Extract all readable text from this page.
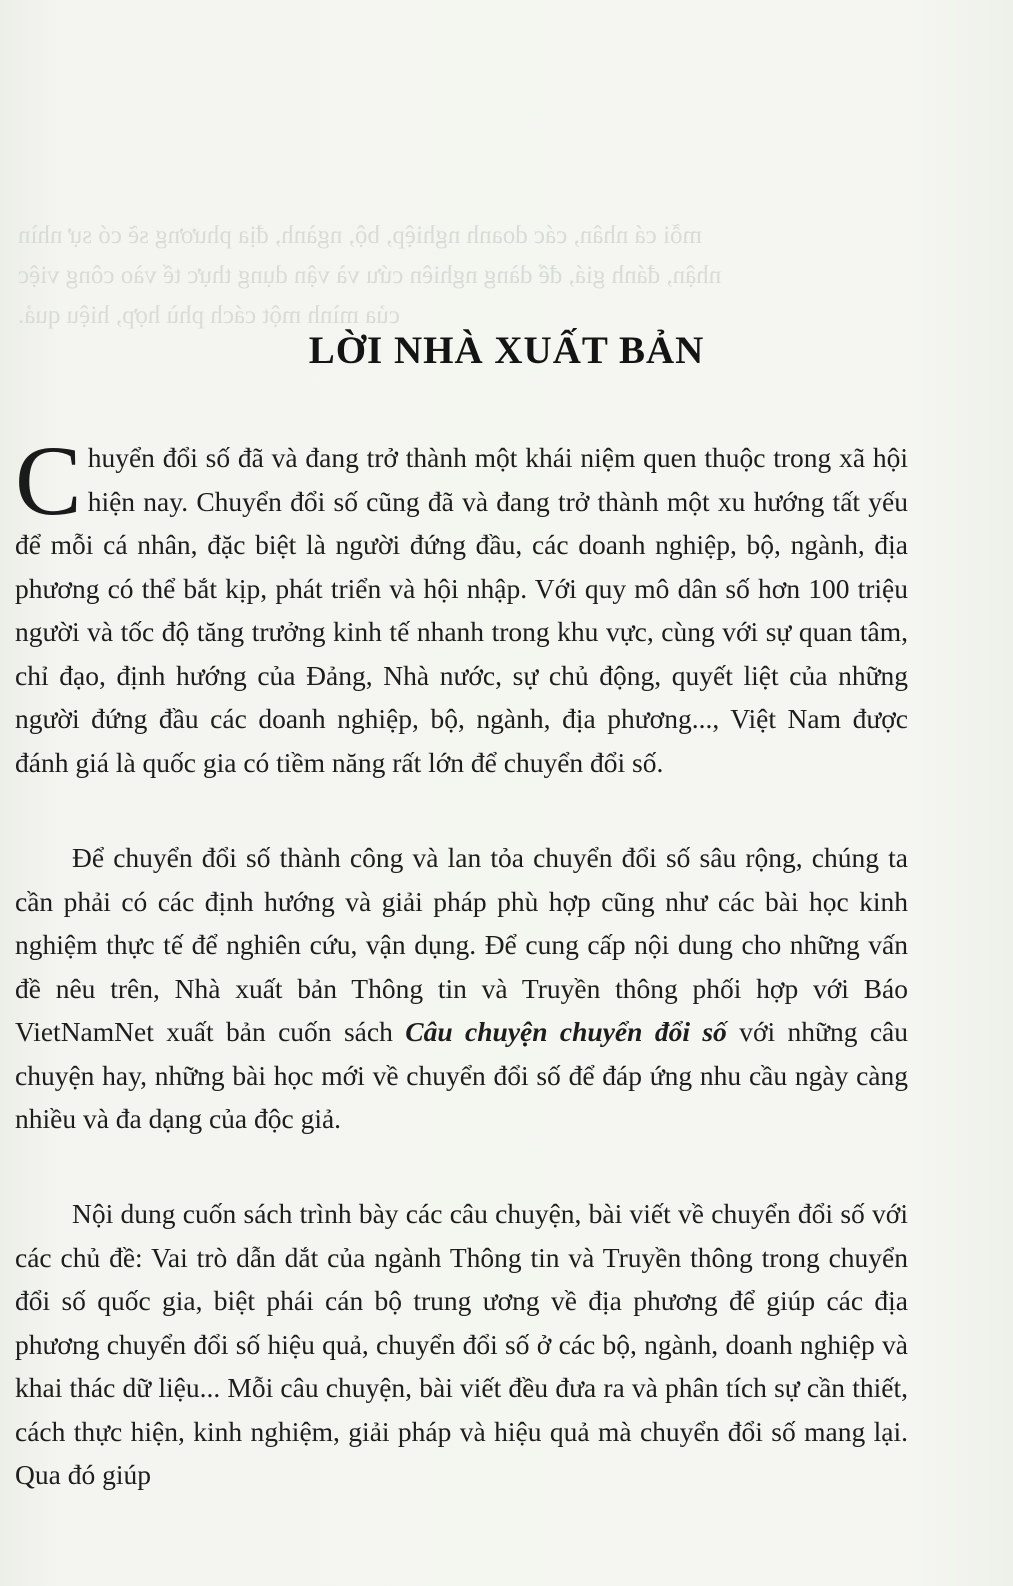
mỗi cá nhân, các doanh nghiệp, bộ, ngành, địa phương sẽ có sự nhìn
nhận, đánh giá, để dàng nghiên cứu và vận dụng thực tế vào công việc
của mình một cách phù hợp, hiệu quả.
LỜI NHÀ XUẤT BẢN
Chuyển đổi số đã và đang trở thành một khái niệm quen thuộc trong xã hội hiện nay. Chuyển đổi số cũng đã và đang trở thành một xu hướng tất yếu để mỗi cá nhân, đặc biệt là người đứng đầu, các doanh nghiệp, bộ, ngành, địa phương có thể bắt kịp, phát triển và hội nhập. Với quy mô dân số hơn 100 triệu người và tốc độ tăng trưởng kinh tế nhanh trong khu vực, cùng với sự quan tâm, chỉ đạo, định hướng của Đảng, Nhà nước, sự chủ động, quyết liệt của những người đứng đầu các doanh nghiệp, bộ, ngành, địa phương..., Việt Nam được đánh giá là quốc gia có tiềm năng rất lớn để chuyển đổi số.
Để chuyển đổi số thành công và lan tỏa chuyển đổi số sâu rộng, chúng ta cần phải có các định hướng và giải pháp phù hợp cũng như các bài học kinh nghiệm thực tế để nghiên cứu, vận dụng. Để cung cấp nội dung cho những vấn đề nêu trên, Nhà xuất bản Thông tin và Truyền thông phối hợp với Báo VietNamNet xuất bản cuốn sách Câu chuyện chuyển đổi số với những câu chuyện hay, những bài học mới về chuyển đổi số để đáp ứng nhu cầu ngày càng nhiều và đa dạng của độc giả.
Nội dung cuốn sách trình bày các câu chuyện, bài viết về chuyển đổi số với các chủ đề: Vai trò dẫn dắt của ngành Thông tin và Truyền thông trong chuyển đổi số quốc gia, biệt phái cán bộ trung ương về địa phương để giúp các địa phương chuyển đổi số hiệu quả, chuyển đổi số ở các bộ, ngành, doanh nghiệp và khai thác dữ liệu... Mỗi câu chuyện, bài viết đều đưa ra và phân tích sự cần thiết, cách thực hiện, kinh nghiệm, giải pháp và hiệu quả mà chuyển đổi số mang lại. Qua đó giúp
